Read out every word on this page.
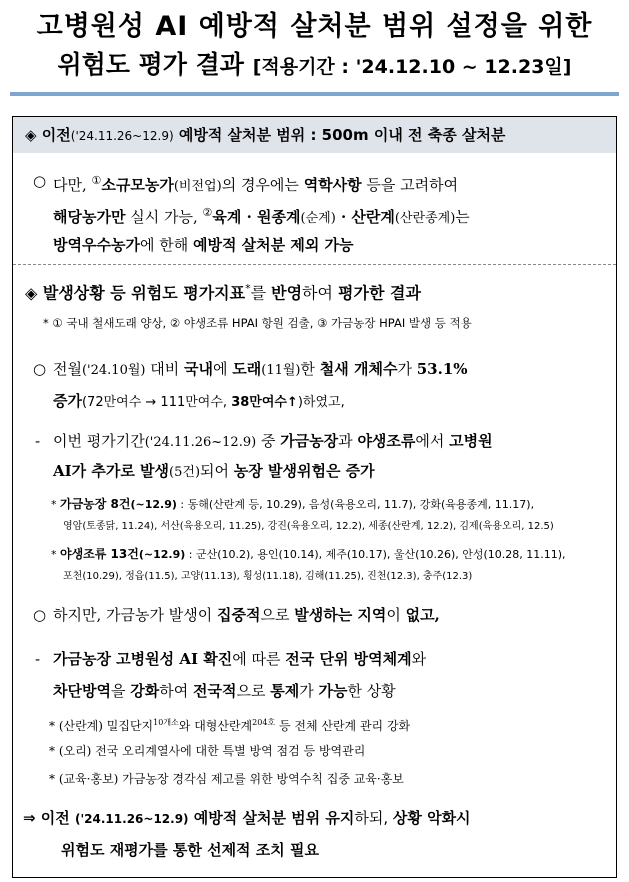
고병원성 AI 예방적 살처분 범위 설정을 위한
위험도 평가 결과 [적용기간 : '24.12.10 ~ 12.23일]
◈ 이전('24.11.26~12.9) 예방적 살처분 범위 : 500m 이내 전 축종 살처분
○ 다만, ①소규모농가(비전업)의 경우에는 역학사항 등을 고려하여
해당농가만 실시 가능, ②육계 · 원종계(순계) · 산란계(산란종계)는
방역우수농가에 한해 예방적 살처분 제외 가능
◈ 발생상황 등 위험도 평가지표*를 반영하여 평가한 결과
* ① 국내 철새도래 양상, ② 야생조류 HPAI 항원 검출, ③ 가금농장 HPAI 발생 등 적용
○ 전월('24.10월) 대비 국내에 도래(11월)한 철새 개체수가 53.1%
증가(72만여수 → 111만여수, 38만여수↑)하였고,
- 이번 평가기간('24.11.26~12.9) 중 가금농장과 야생조류에서 고병원
AI가 추가로 발생(5건)되어 농장 발생위험은 증가
* 가금농장 8건(~12.9) : 동해(산란계 등, 10.29), 음성(육용오리, 11.7), 강화(육용종계, 11.17),
영암(토종닭, 11.24), 서산(육용오리, 11.25), 강진(육용오리, 12.2), 세종(산란계, 12.2), 김제(육용오리, 12.5)
* 야생조류 13건(~12.9) : 군산(10.2), 용인(10.14), 제주(10.17), 울산(10.26), 안성(10.28, 11.11),
포천(10.29), 정읍(11.5), 고양(11.13), 횡성(11.18), 김해(11.25), 진천(12.3), 충주(12.3)
○ 하지만, 가금농가 발생이 집중적으로 발생하는 지역이 없고,
- 가금농장 고병원성 AI 확진에 따른 전국 단위 방역체계와
차단방역을 강화하여 전국적으로 통제가 가능한 상황
* (산란계) 밀집단지$^{10개소}$와 대형산란계$^{204호}$ 등 전체 산란계 관리 강화
* (오리) 전국 오리계열사에 대한 특별 방역 점검 등 방역관리
* (교육·홍보) 가금농장 경각심 제고를 위한 방역수칙 집중 교육·홍보
⇒ 이전 ('24.11.26~12.9) 예방적 살처분 범위 유지하되, 상황 악화시
위험도 재평가를 통한 선제적 조치 필요
